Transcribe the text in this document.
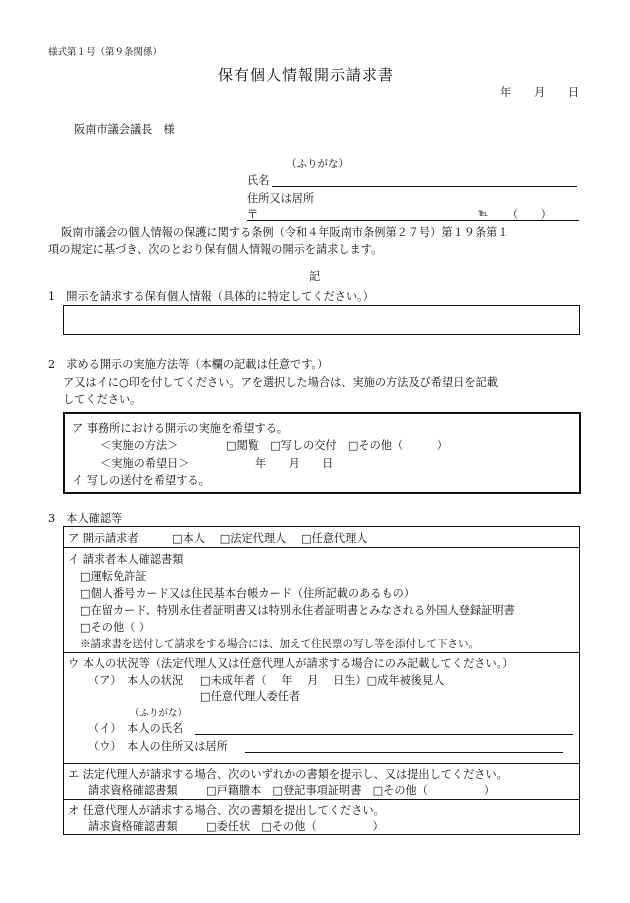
様式第１号（第９条関係）
保有個人情報開示請求書
年 月 日
阪南市議会議長　様
（ふりがな）
氏名
住所又は居所
〒	℡ （　　）
阪南市議会の個人情報の保護に関する条例（令和４年阪南市条例第２７号）第１９条第１
項の規定に基づき、次のとおり保有個人情報の開示を請求します。
記
1　開示を請求する保有個人情報（具体的に特定してください。）
2　求める開示の実施方法等（本欄の記載は任意です。）
ア又はイに○印を付してください。アを選択した場合は、実施の方法及び希望日を記載
してください。
ア 事務所における開示の実施を希望する。
＜実施の方法＞	□閲覧　□写しの交付　□その他（　　　）
＜実施の希望日＞	年　　月　　日
イ 写しの送付を希望する。
3　本人確認等
ア 開示請求者	□本人　 □法定代理人　 □任意代理人
イ 請求者本人確認書類
□運転免許証
□個人番号カード又は住民基本台帳カード（住所記載のあるもの）
□在留カード、特別永住者証明書又は特別永住者証明書とみなされる外国人登録証明書
□その他（ ）
※請求書を送付して請求をする場合には、加えて住民票の写し等を添付して下さい。
ウ 本人の状況等（法定代理人又は任意代理人が請求する場合にのみ記載してください。）
（ア）　本人の状況 □未成年者（　 年　 月　 日生）□成年被後見人
□任意代理人委任者
（ふりがな）
（イ）　本人の氏名
（ウ）　本人の住所又は居所
エ 法定代理人が請求する場合、次のいずれかの書類を提示し、又は提出してください。
請求資格確認書類	□戸籍謄本　□登記事項証明書　□その他（　　　　　）
オ 任意代理人が請求する場合、次の書類を提出してください。
請求資格確認書類	□委任状　□その他（　　　　　）
